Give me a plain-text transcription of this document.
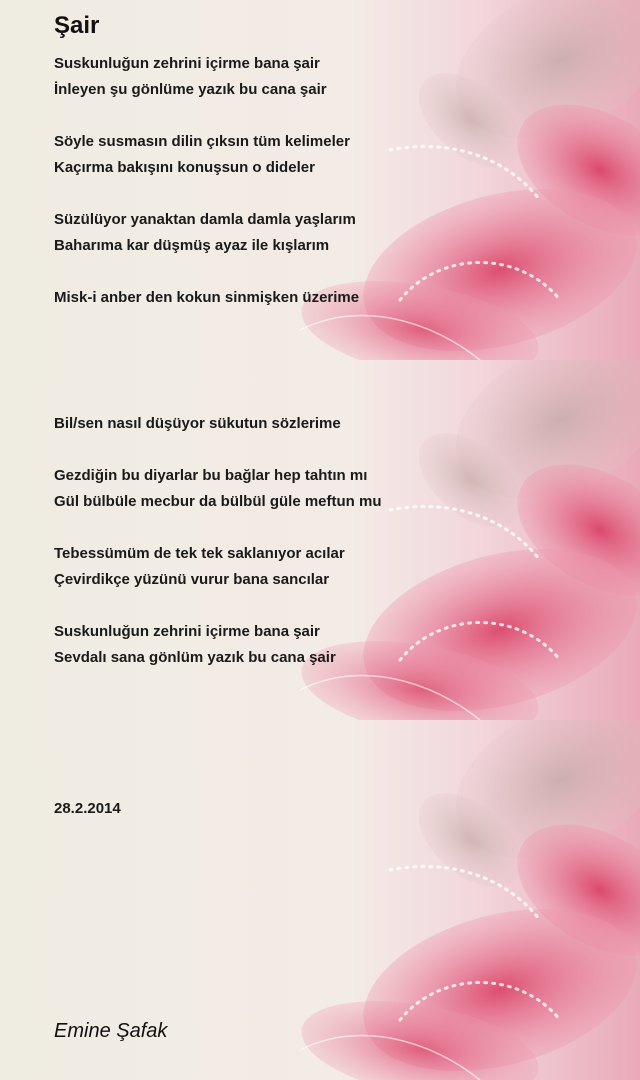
Şair
Suskunluğun zehrini içirme bana şair
İnleyen şu gönlüme yazık bu cana şair
Söyle susmasın dilin çıksın tüm kelimeler
Kaçırma bakışını konuşsun o dideler
Süzülüyor yanaktan damla damla yaşlarım
Baharıma kar düşmüş ayaz ile kışlarım
Misk-i anber den kokun sinmişken üzerime
Bil/sen nasıl düşüyor sükutun sözlerime
Gezdiğin bu diyarlar bu bağlar hep tahtın mı
Gül bülbüle mecbur da bülbül güle meftun mu
Tebessümüm de tek tek saklanıyor acılar
Çevirdikçe yüzünü vurur bana sancılar
Suskunluğun zehrini içirme bana şair
Sevdalı sana gönlüm yazık bu cana şair
28.2.2014
Emine Şafak
